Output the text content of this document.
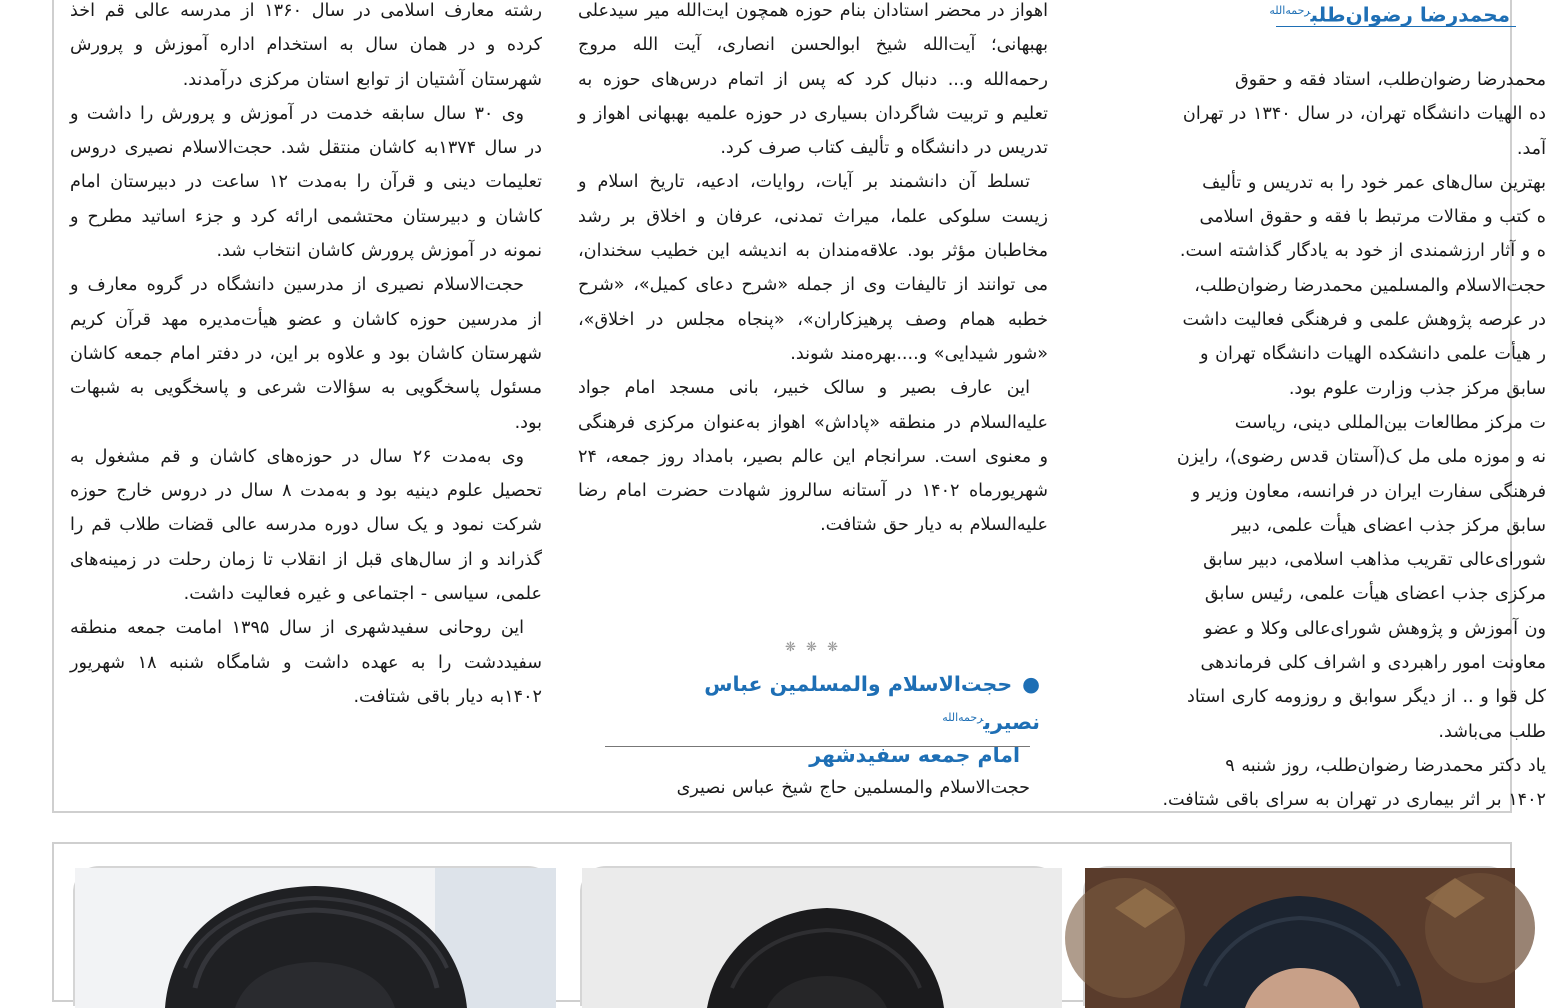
محمدرضا رضوان‌طلب$^{رحمه‌الله}$

محمدرضا رضوان‌طلب، استاد فقه و حقوق

ده الهیات دانشگاه تهران، در سال ۱۳۴۰ در تهران

آمد.

بهترین سال‌های عمر خود را به تدریس و تألیف

ه کتب و مقالات مرتبط با فقه و حقوق اسلامی

ه و آثار ارزشمندی از خود به یادگار گذاشته است.

حجت‌الاسلام والمسلمین محمدرضا رضوان‌طلب،

در عرصه پژوهش علمی و فرهنگی فعالیت داشت

ر هیأت علمی دانشکده الهیات دانشگاه تهران و

سابق مرکز جذب وزارت علوم بود.

ت مرکز مطالعات بین‌المللی دینی، ریاست

نه و موزه ملی مل ک(آستان قدس رضوی)، رایزن

فرهنگی سفارت ایران در فرانسه، معاون وزیر و

سابق مرکز جذب اعضای هیأت علمی، دبیر

شورای‌عالی تقریب مذاهب اسلامی، دبیر سابق

مرکزی جذب اعضای هیأت علمی، رئیس سابق

ون آموزش و پژوهش شورای‌عالی وکلا و عضو

معاونت امور راهبردی و اشراف کلی فرماندهی

کل قوا و .. از دیگر سوابق و روزومه کاری استاد

طلب می‌باشد.

یاد دکتر محمدرضا رضوان‌طلب، روز شنبه ۹

۱۴۰۲ بر اثر بیماری در تهران به سرای باقی شتافت.

اهواز در محضر استادان بنام حوزه همچون ایت‌الله میر سیدعلی بهبهانی؛ آیت‌الله شیخ ابوالحسن انصاری، آیت الله مروج رحمه‌الله و... دنبال کرد که پس از اتمام درس‌های حوزه به تعلیم و تربیت شاگردان بسیاری در حوزه علمیه بهبهانی اهواز و تدریس در دانشگاه و تألیف کتاب صرف کرد.

تسلط آن دانشمند بر آیات، روایات، ادعیه، تاریخ اسلام و زیست سلوکی علما، میراث تمدنی، عرفان و اخلاق بر رشد مخاطبان مؤثر بود. علاقه‌مندان به اندیشه این خطیب سخندان، می توانند از تالیفات وی از جمله «شرح دعای کمیل»، «شرح خطبه همام وصف پرهیزکاران»، «پنجاه مجلس در اخلاق»، «شور شیدایی» و....بهره‌مند شوند.

این عارف بصیر و سالک خبیر، بانی مسجد امام جواد علیه‌السلام در منطقه «پاداش» اهواز به‌عنوان مرکزی فرهنگی و معنوی است. سرانجام این عالم بصیر، بامداد روز جمعه، ۲۴ شهریورماه ۱۴۰۲ در آستانه سالروز شهادت حضرت امام رضا علیه‌السلام به دیار حق شتافت.

❋ ❋ ❋
●حجت‌الاسلام والمسلمین عباس نصیری$^{رحمه‌الله}$
امام جمعه سفیدشهر

حجت‌الاسلام والمسلمین حاج شیخ عباس نصیری

رشته معارف اسلامی در سال ۱۳۶۰ از مدرسه عالی قم اخذ کرده و در همان سال به استخدام اداره آموزش و پرورش شهرستان آشتیان از توابع استان مرکزی درآمدند.

وی ۳۰ سال سابقه خدمت در آموزش و پرورش را داشت و در سال ۱۳۷۴به کاشان منتقل شد. حجت‌الاسلام نصیری دروس تعلیمات دینی و قرآن را به‌مدت ۱۲ ساعت در دبیرستان امام کاشان و دبیرستان محتشمی ارائه کرد و جزء اساتید مطرح و نمونه در آموزش پرورش کاشان انتخاب شد.

حجت‌الاسلام نصیری از مدرسین دانشگاه در گروه معارف و از مدرسین حوزه کاشان و عضو هیأت‌مدیره مهد قرآن کریم شهرستان کاشان بود و علاوه بر این، در دفتر امام جمعه کاشان مسئول پاسخگویی به سؤالات شرعی و پاسخگویی به شبهات بود.

وی به‌مدت ۲۶ سال در حوزه‌های کاشان و قم مشغول به تحصیل علوم دینیه بود و به‌مدت ۸ سال در دروس خارج حوزه شرکت نمود و یک سال دوره مدرسه عالی قضات طلاب قم را گذراند و از سال‌های قبل از انقلاب تا زمان رحلت در زمینه‌های علمی، سیاسی - اجتماعی و غیره فعالیت داشت.

این روحانی سفیدشهری از سال ۱۳۹۵ امامت جمعه منطقه سفیددشت را به عهده داشت و شامگاه شنبه ۱۸ شهریور ۱۴۰۲به دیار باقی شتافت.
